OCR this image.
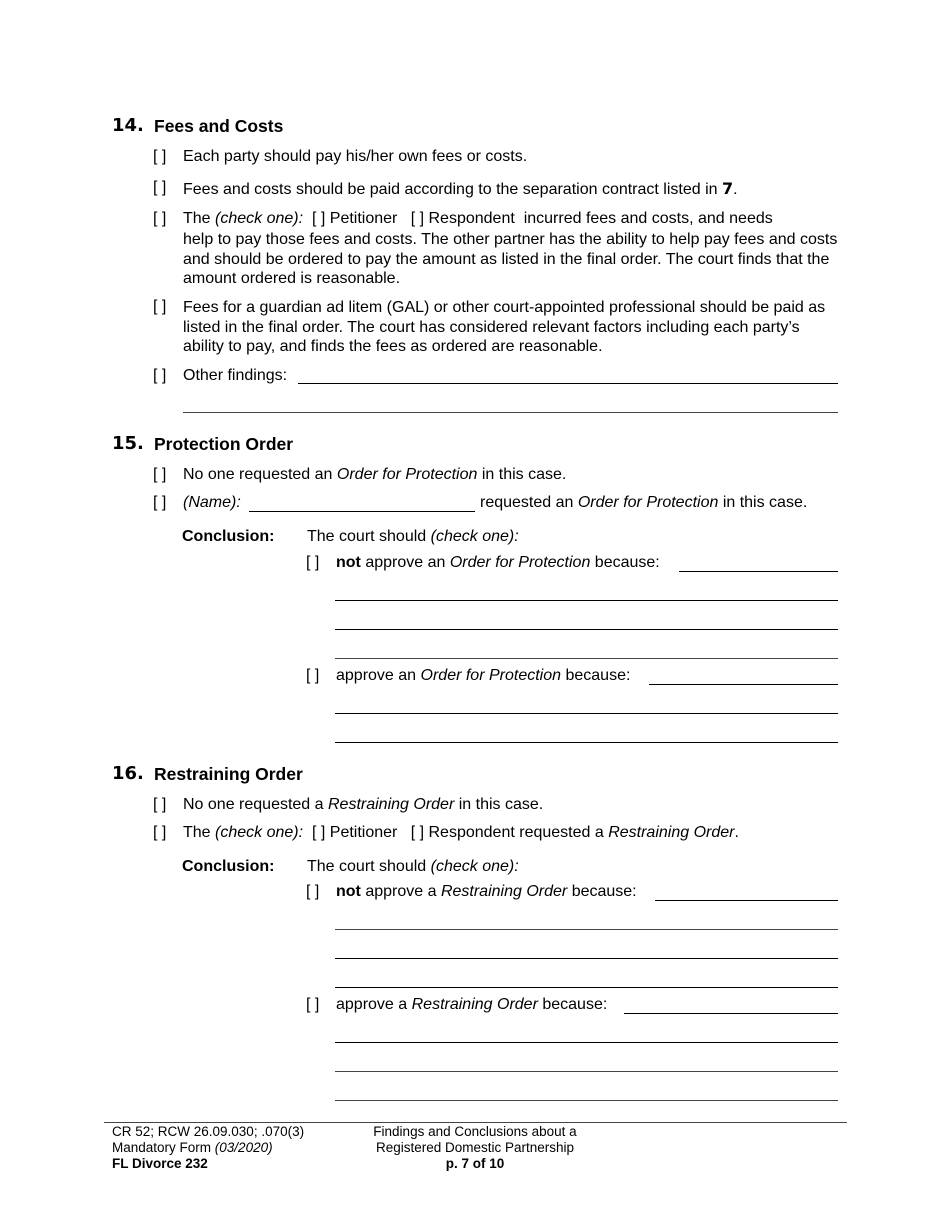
14. Fees and Costs
[ ] Each party should pay his/her own fees or costs.
[ ] Fees and costs should be paid according to the separation contract listed in 7.
[ ] The (check one): [ ] Petitioner [ ] Respondent incurred fees and costs, and needs
help to pay those fees and costs. The other partner has the ability to help pay fees and costs and should be ordered to pay the amount as listed in the final order. The court finds that the amount ordered is reasonable.
[ ] Fees for a guardian ad litem (GAL) or other court-appointed professional should be paid as listed in the final order. The court has considered relevant factors including each party’s ability to pay, and finds the fees as ordered are reasonable.
[ ] Other findings:
15. Protection Order
[ ] No one requested an Order for Protection in this case.
[ ] (Name):	requested an Order for Protection in this case.
Conclusion: The court should (check one):
[ ] not approve an Order for Protection because:
[ ] approve an Order for Protection because:
16. Restraining Order
[ ] No one requested a Restraining Order in this case.
[ ] The (check one): [ ] Petitioner [ ] Respondent requested a Restraining Order.
Conclusion: The court should (check one):
[ ] not approve a Restraining Order because:
[ ] approve a Restraining Order because:
CR 52; RCW 26.09.030; .070(3)
Mandatory Form (03/2020)
FL Divorce 232
Findings and Conclusions about a
Registered Domestic Partnership
p. 7 of 10
